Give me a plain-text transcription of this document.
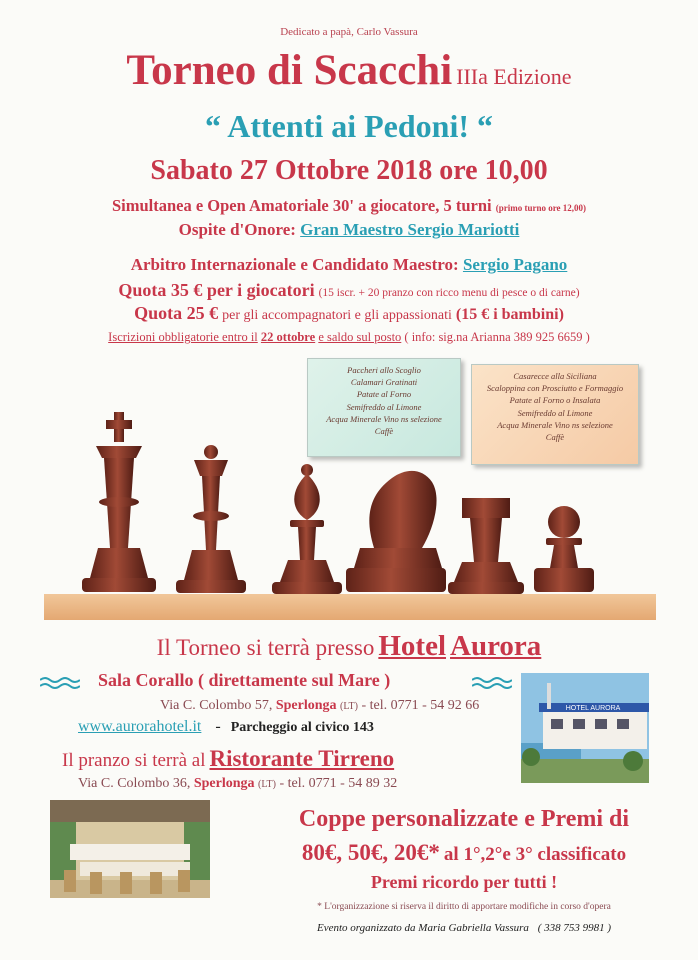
Dedicato a papà, Carlo Vassura
Torneo di Scacchi IIIa Edizione
“ Attenti ai Pedoni! “
Sabato 27 Ottobre 2018 ore 10,00
Simultanea e Open Amatoriale 30' a giocatore, 5 turni (primo turno ore 12,00)
Ospite d'Onore: Gran Maestro Sergio Mariotti
Arbitro Internazionale e Candidato Maestro: Sergio Pagano
Quota 35 € per i giocatori (15 iscr. + 20 pranzo con ricco menu di pesce o di carne)
Quota 25 € per gli accompagnatori e gli appassionati (15 € i bambini)
Iscrizioni obbligatorie entro il 22 ottobre e saldo sul posto ( info: sig.na Arianna 389 925 6659 )
Paccheri allo Scoglio
Calamari Gratinati
Patate al Forno
Semifreddo al Limone
Acqua Minerale Vino ns selezione
Caffè
Casarecce alla Siciliana
Scaloppina con Prosciutto e Formaggio
Patate al Forno o Insalata
Semifreddo al Limone
Acqua Minerale Vino ns selezione
Caffè
Il Torneo si terrà presso Hotel Aurora
Sala Corallo ( direttamente sul Mare )
Via C. Colombo 57, Sperlonga (LT) - tel. 0771 - 54 92 66
www.aurorahotel.it - Parcheggio al civico 143
HOTEL AURORA
Il pranzo si terrà al Ristorante Tirreno
Via C. Colombo 36, Sperlonga (LT) - tel. 0771 - 54 89 32
Coppe personalizzate e Premi di
80€, 50€, 20€* al 1°,2°e 3° classificato
Premi ricordo per tutti !
* L'organizzazione si riserva il diritto di apportare modifiche in corso d'opera
Evento organizzato da Maria Gabriella Vassura ( 338 753 9981 )
